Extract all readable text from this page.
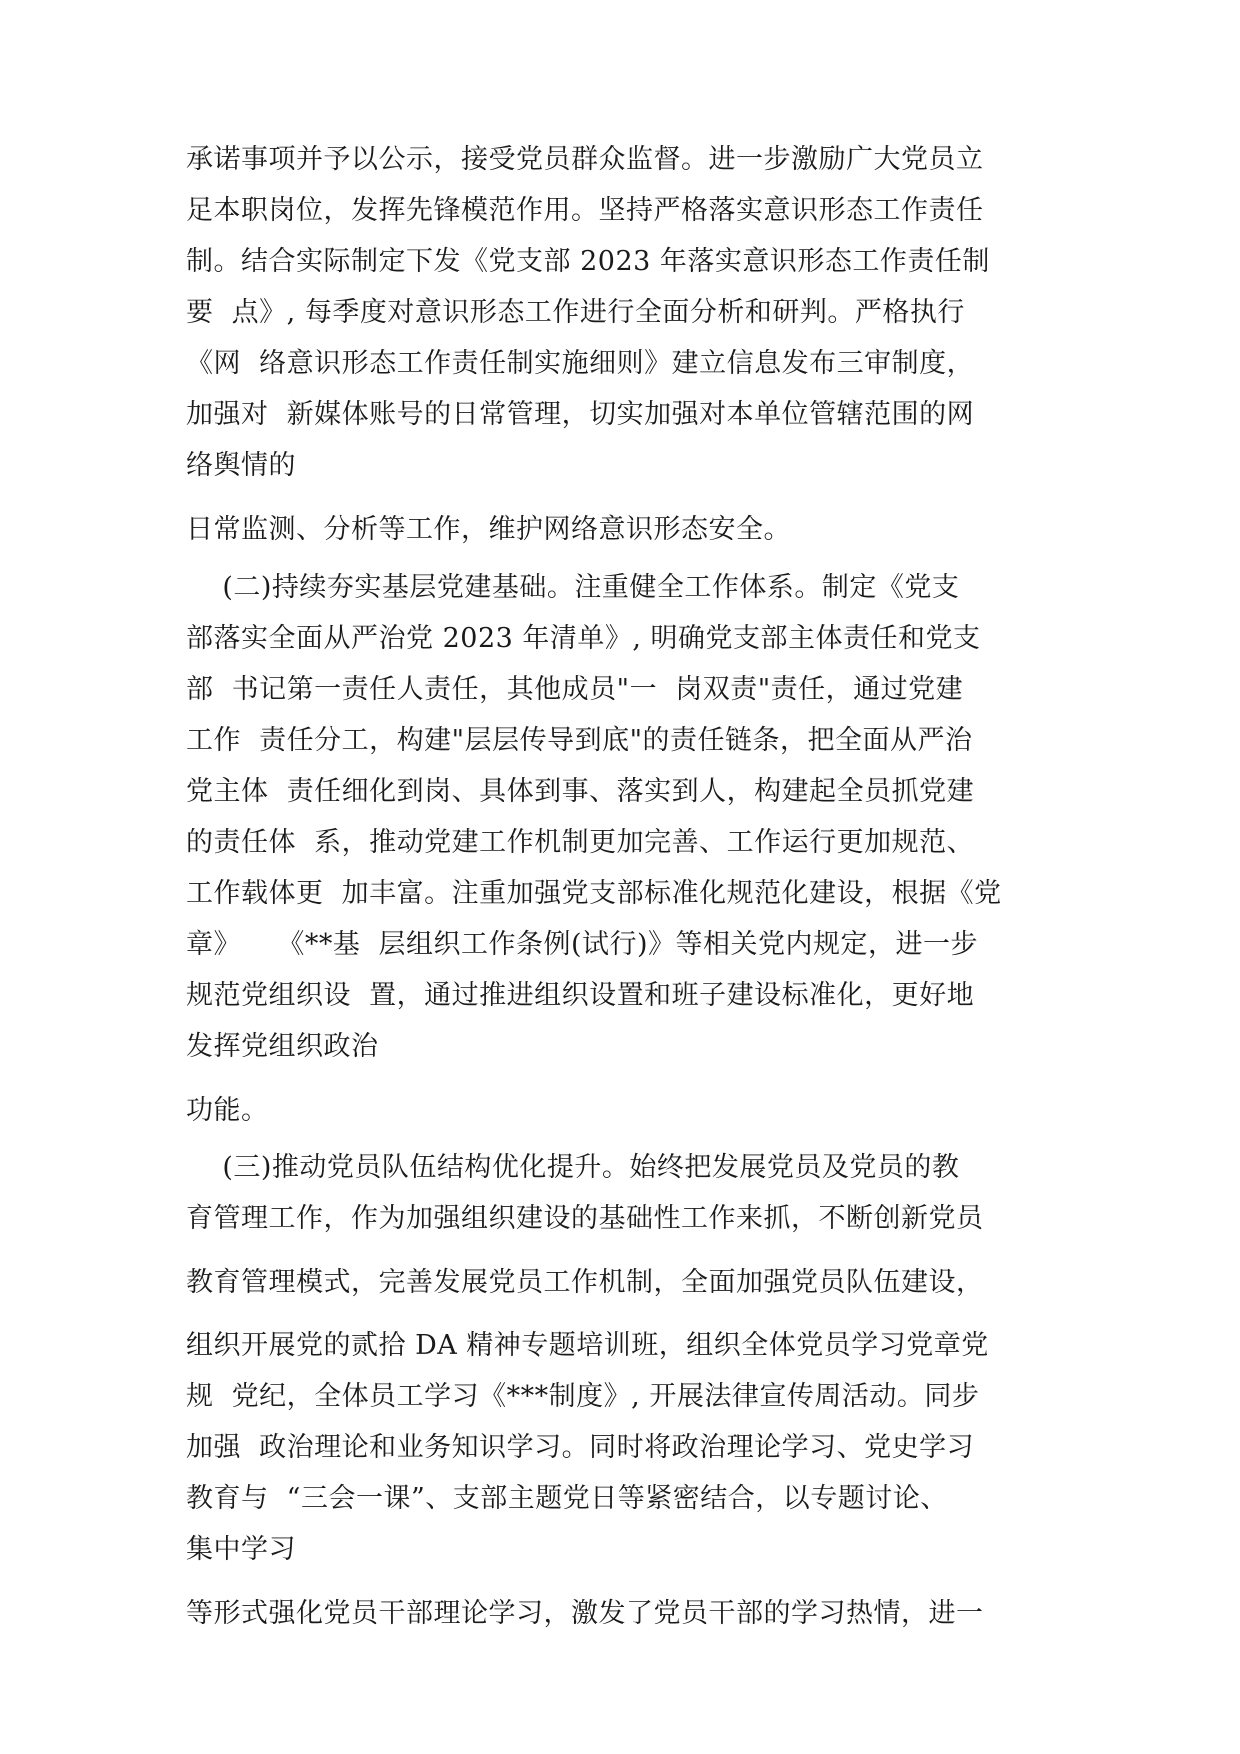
承诺事项并予以公示，接受党员群众监督。进一步激励广大党员立
足本职岗位，发挥先锋模范作用。坚持严格落实意识形态工作责任
制。结合实际制定下发《党支部 2023 年落实意识形态工作责任制
要  点》, 每季度对意识形态工作进行全面分析和研判。严格执行
《网  络意识形态工作责任制实施细则》建立信息发布三审制度，
加强对  新媒体账号的日常管理，切实加强对本单位管辖范围的网
络舆情的
日常监测、分析等工作，维护网络意识形态安全。
(二)持续夯实基层党建基础。注重健全工作体系。制定《党支
部落实全面从严治党 2023 年清单》, 明确党支部主体责任和党支
部  书记第一责任人责任，其他成员"一  岗双责"责任，通过党建
工作  责任分工，构建"层层传导到底"的责任链条，把全面从严治
党主体  责任细化到岗、具体到事、落实到人，构建起全员抓党建
的责任体  系，推动党建工作机制更加完善、工作运行更加规范、
工作载体更  加丰富。注重加强党支部标准化规范化建设，根据《党
章》    《**基  层组织工作条例(试行)》等相关党内规定，进一步
规范党组织设  置，通过推进组织设置和班子建设标准化，更好地
发挥党组织政治
功能。
(三)推动党员队伍结构优化提升。始终把发展党员及党员的教
育管理工作，作为加强组织建设的基础性工作来抓，不断创新党员
教育管理模式，完善发展党员工作机制，全面加强党员队伍建设，
组织开展党的贰拾 DA 精神专题培训班，组织全体党员学习党章党
规  党纪，全体员工学习《***制度》, 开展法律宣传周活动。同步
加强  政治理论和业务知识学习。同时将政治理论学习、党史学习
教育与  “三会一课”、支部主题党日等紧密结合，以专题讨论、
集中学习
等形式强化党员干部理论学习，激发了党员干部的学习热情，进一
